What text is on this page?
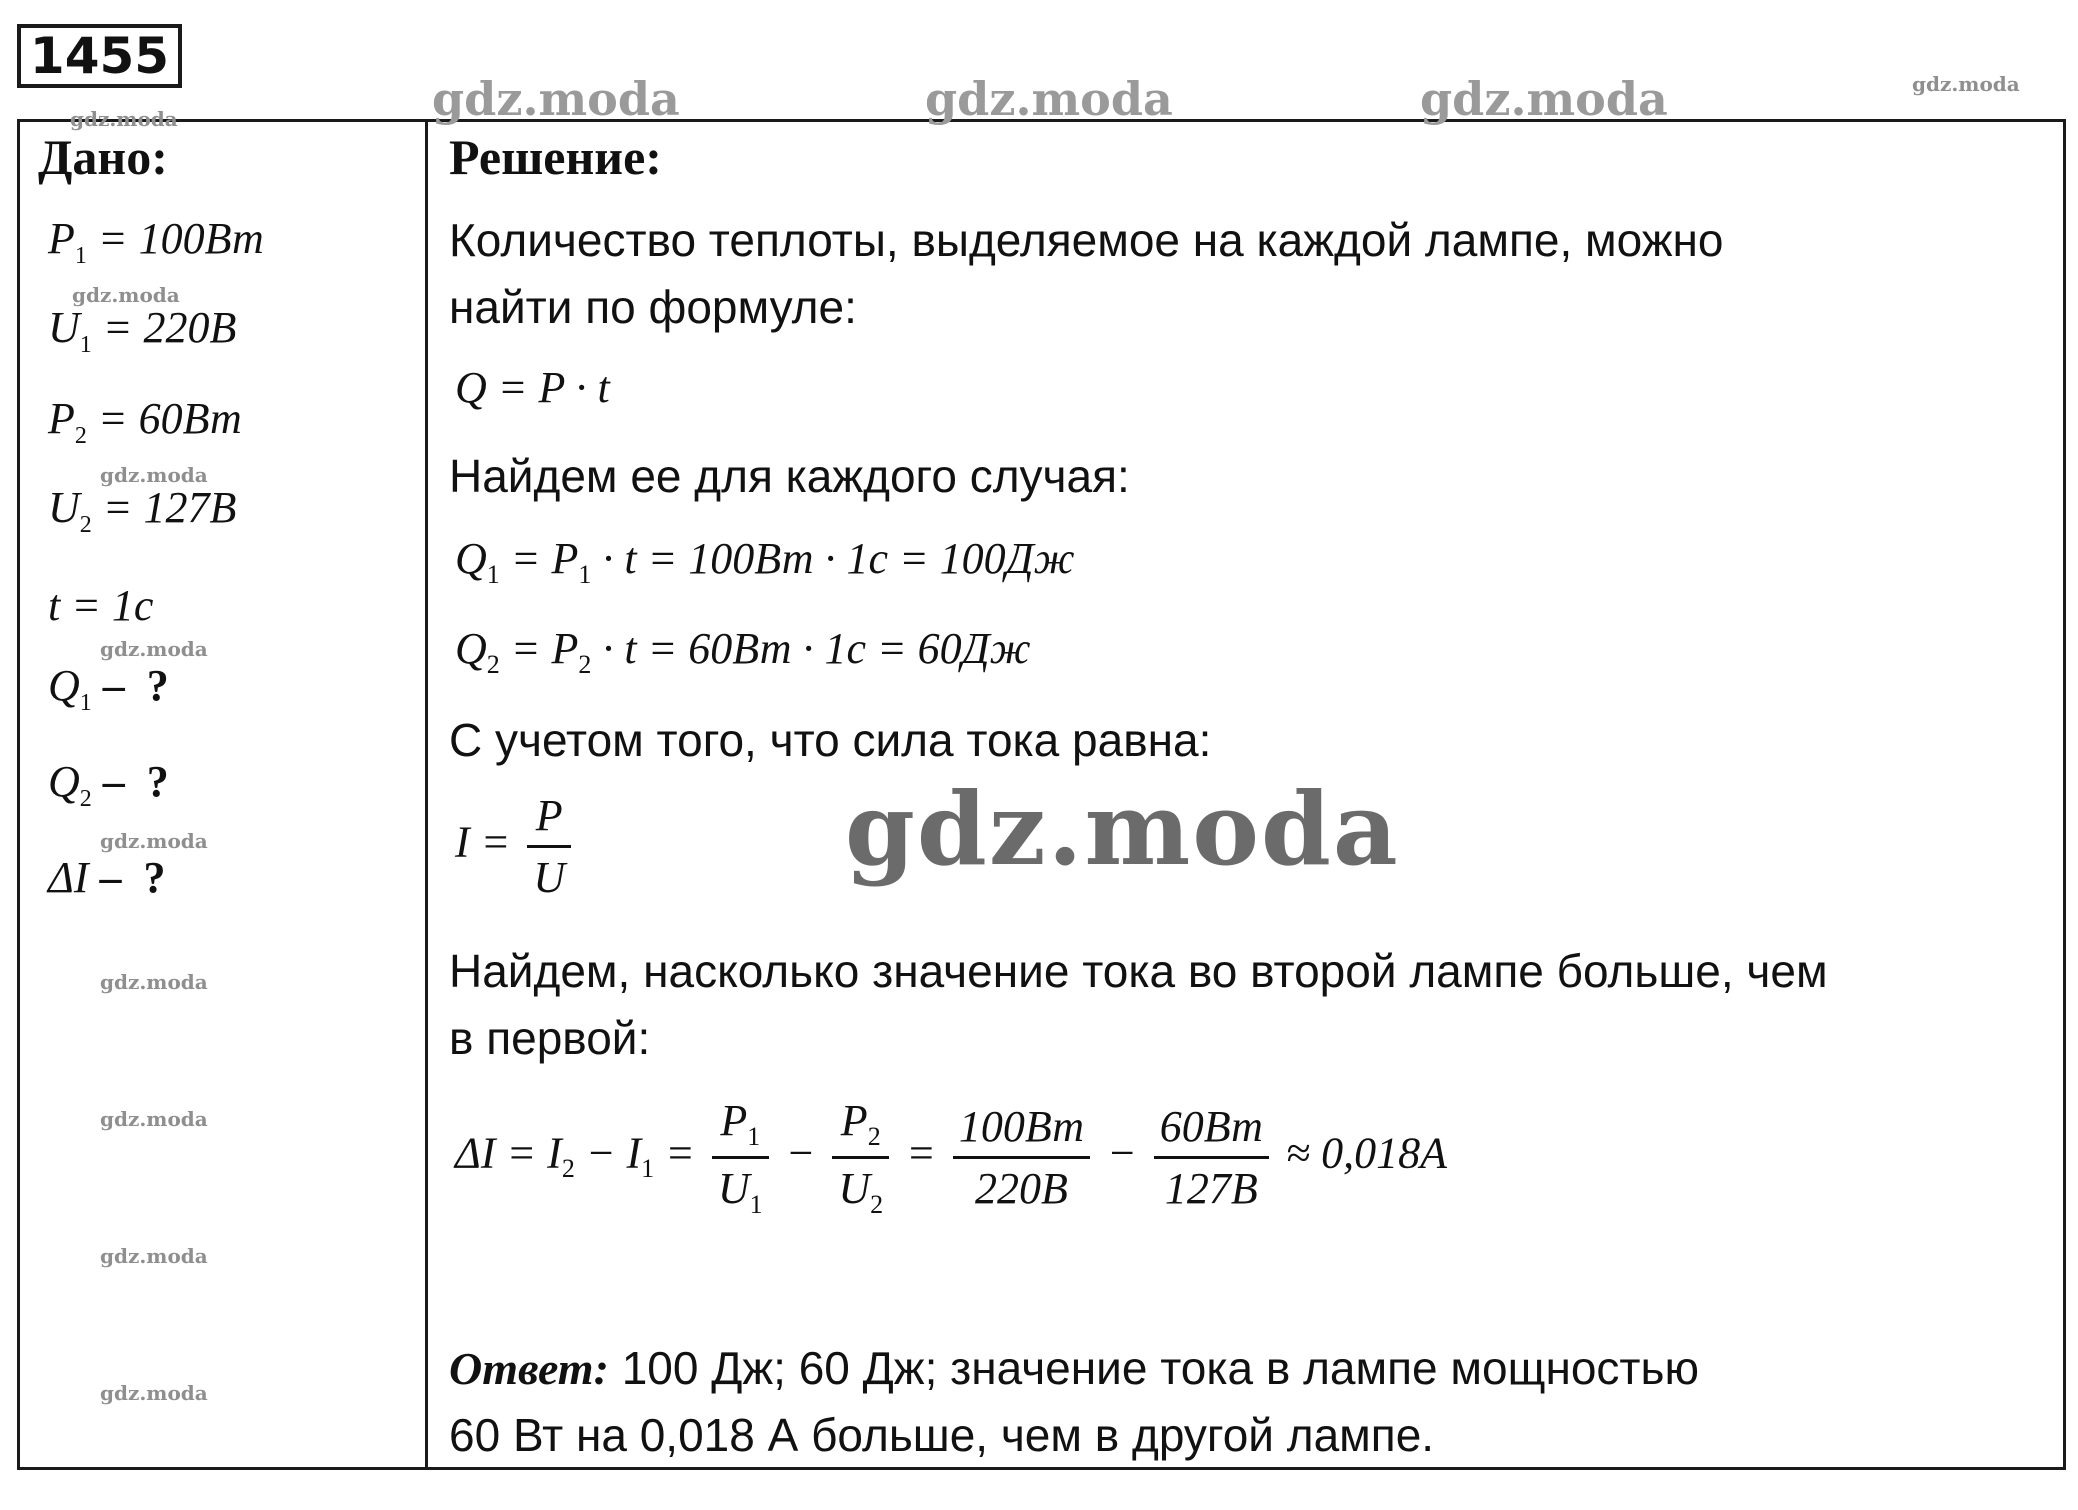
1455
gdz.moda	gdz.moda	gdz.moda	gdz.moda
gdz.moda
gdz.moda
gdz.moda
gdz.moda
gdz.moda
gdz.moda
gdz.moda
gdz.moda
gdz.moda
Дано:
$P_1 = 100Вт$
$U_1 = 220В$
$P_2 = 60Вт$
$U_2 = 127В$
t = 1с
$Q_1$ –  ?
$Q_2$ –  ?
ΔI –  ?
Решение:
Количество теплоты, выделяемое на каждой лампе, можно
найти по формуле:
Q = P · t
Найдем ее для каждого случая:
$Q_1 = P_1 \cdot t = 100Вт \cdot 1с = 100Дж$
$Q_2 = P_2 \cdot t = 60Вт \cdot 1с = 60Дж$
С учетом того, что сила тока равна:
$I = \frac{P}{U}$	gdz.moda
Найдем, насколько значение тока во второй лампе больше, чем
в первой:
$\Delta I = I_2 - I_1 = \frac{P_1}{U_1} - \frac{P_2}{U_2} = \frac{100Вт}{220В} - \frac{60Вт}{127В} \approx 0,018А$
Ответ: 100 Дж; 60 Дж; значение тока в лампе мощностью
60 Вт на 0,018 А больше, чем в другой лампе.
